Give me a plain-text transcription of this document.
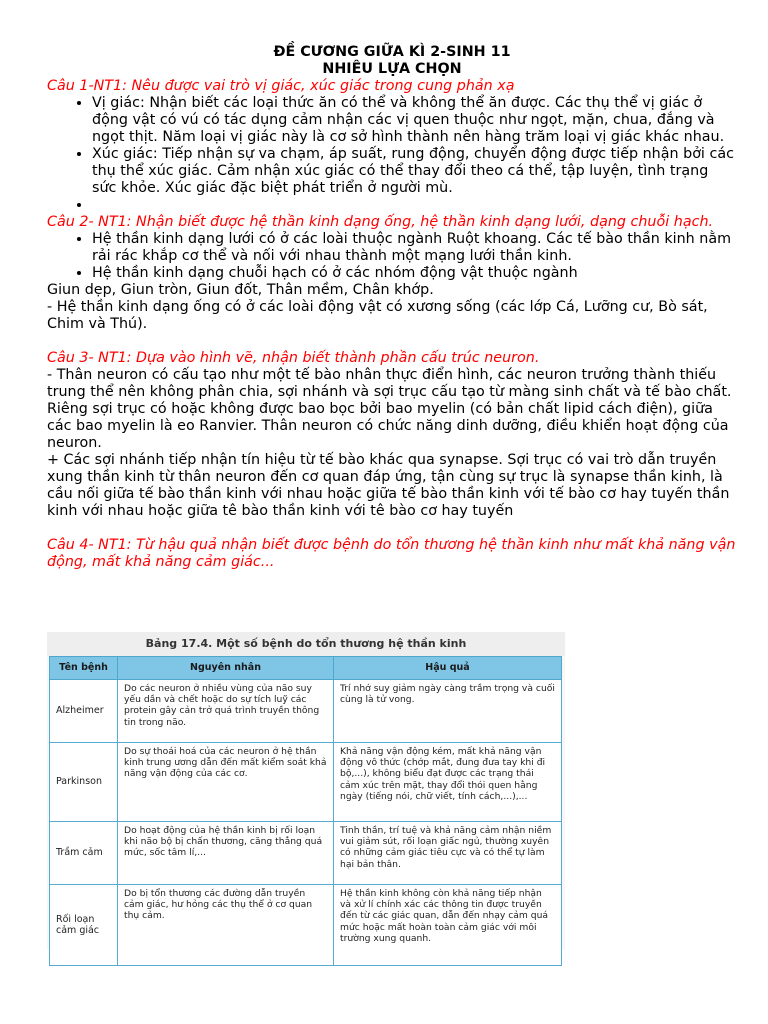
ĐỀ CƯƠNG GIỮA KÌ 2-SINH 11

NHIÊU LỰA CHỌN

Câu 1-NT1: Nêu được vai trò vị giác, xúc giác trong cung phản xạ

• Vị giác: Nhận biết các loại thức ăn có thể và không thể ăn được. Các thụ thể vị giác ở động vật có vú có tác dụng cảm nhận các vị quen thuộc như ngọt, mặn, chua, đắng và ngọt thịt. Năm loại vị giác này là cơ sở hình thành nên hàng trăm loại vị giác khác nhau.
• Xúc giác: Tiếp nhận sự va chạm, áp suất, rung động, chuyển động được tiếp nhận bởi các thụ thể xúc giác. Cảm nhận xúc giác có thể thay đổi theo cá thể, tập luyện, tình trạng sức khỏe. Xúc giác đặc biệt phát triển ở người mù.
•

Câu 2- NT1: Nhận biết được hệ thần kinh dạng ống, hệ thần kinh dạng lưới, dạng chuỗi hạch.

• Hệ thần kinh dạng lưới có ở các loài thuộc ngành Ruột khoang. Các tế bào thần kinh nằm rải rác khắp cơ thể và nối với nhau thành một mạng lưới thần kinh.
• Hệ thần kinh dạng chuỗi hạch có ở các nhóm động vật thuộc ngành

Giun dẹp, Giun tròn, Giun đốt, Thân mềm, Chân khớp.

- Hệ thần kinh dạng ống có ở các loài động vật có xương sống (các lớp Cá, Lưỡng cư, Bò sát, Chim và Thú).

Câu 3- NT1: Dựa vào hình vẽ, nhận biết thành phần cấu trúc neuron.

- Thân neuron có cấu tạo như một tế bào nhân thực điển hình, các neuron trưởng thành thiếu trung thể nên không phân chia, sợi nhánh và sợi trục cấu tạo từ màng sinh chất và tế bào chất. Riêng sợi trục có hoặc không được bao bọc bởi bao myelin (có bản chất lipid cách điện), giữa các bao myelin là eo Ranvier. Thân neuron có chức năng dinh dưỡng, điều khiển hoạt động của neuron.

+ Các sợi nhánh tiếp nhận tín hiệu từ tế bào khác qua synapse. Sợi trục có vai trò dẫn truyền xung thần kinh từ thân neuron đến cơ quan đáp ứng, tận cùng sự trục là synapse thần kinh, là cầu nối giữa tế bào thần kinh với nhau hoặc giữa tế bào thần kinh với tế bào cơ hay tuyến thần kinh với nhau hoặc giữa tê bào thần kinh với tê bào cơ hay tuyến

Câu 4- NT1: Từ hậu quả nhận biết được bệnh do tổn thương hệ thần kinh như mất khả năng vận động, mất khả năng cảm giác...

Bảng 17.4. Một số bệnh do tổn thương hệ thần kinh
Tên bệnh	Nguyên nhân	Hậu quả
Alzheimer	Do các neuron ở nhiều vùng của não suy yếu dần và chết hoặc do sự tích luỹ các protein gây cản trở quá trình truyền thông tin trong não.	Trí nhớ suy giảm ngày càng trầm trọng và cuối cùng là tử vong.
Parkinson	Do sự thoái hoá của các neuron ở hệ thần kinh trung ương dẫn đến mất kiểm soát khả năng vận động của các cơ.	Khả năng vận động kém, mất khả năng vận động vô thức (chớp mắt, đung đưa tay khi đi bộ,...), không biểu đạt được các trạng thái cảm xúc trên mặt, thay đổi thói quen hằng ngày (tiếng nói, chữ viết, tính cách,...),...
Trầm cảm	Do hoạt động của hệ thần kinh bị rối loạn khi não bộ bị chấn thương, căng thẳng quá mức, sốc tâm lí,...	Tinh thần, trí tuệ và khả năng cảm nhận niềm vui giảm sút, rối loạn giấc ngủ, thường xuyên có những cảm giác tiêu cực và có thể tự làm hại bản thân.
Rối loạn cảm giác	Do bị tổn thương các đường dẫn truyền cảm giác, hư hỏng các thụ thể ở cơ quan thụ cảm.	Hệ thần kinh không còn khả năng tiếp nhận và xử lí chính xác các thông tin được truyền đến từ các giác quan, dẫn đến nhạy cảm quá mức hoặc mất hoàn toàn cảm giác với môi trường xung quanh.
